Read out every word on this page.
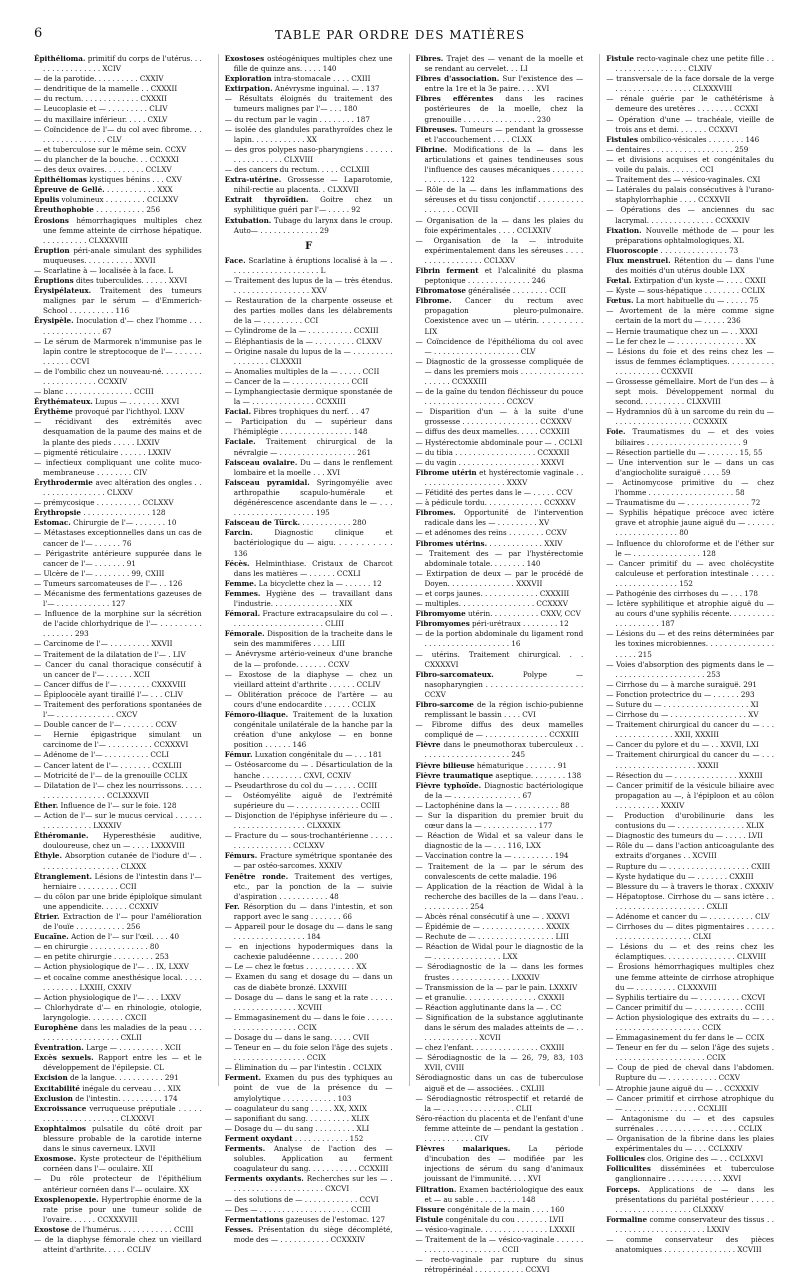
6	TABLE PAR ORDRE DES MATIÈRES

Épithélioma. primitif du corps de l'utérus. . . . . . . . . . . . . . . . XCIV

— de la parotide. . . . . . . . . . CXXIV

— dendritique de la mamelle . . CXXXII

— du rectum. . . . . . . . . . . . . CXXXII

— Leucoplasie et — . . . . . . . . . CLIV

— du maxillaire inférieur. . . . . CXLV

— Coïncidence de l'— du col avec fibrome. . . . . . . . . . . . . . . . . CLV

— et tuberculose sur le même sein. CCXV

— du plancher de la bouche. . . CCXXXI

— des deux ovaires. . . . . . . . . CCLXV

Épithéliomas kystiques bénins . . . CXV

Épreuve de Gellé. . . . . . . . . . . . XXX

Epulis volumineux . . . . . . . . . CCLXXV

Éreuthophobie . . . . . . . . . . . 256

Érosions hémorrhagiques multiples chez une femme atteinte de cirrhose hépatique. . . . . . . . . . . CLXXXVIII

Éruption péri-anale simulant des syphilides muqueuses. . . . . . . . . . . XXVII

— Scarlatine à — localisée à la face. L

Éruptions dites tuberculides. . . . . . XXVI

Érysipélateux. Traitement des tumeurs malignes par le sérum — d'Emmerich-School . . . . . . . . . . 116

Érysipèle. Inoculation d'— chez l'homme . . . . . . . . . . . . . . . . 67

— Le sérum de Marmorek n'immunise pas le lapin contre le streptocoque de l'— . . . . . . . . . . . . CCVI

— de l'ombilic chez un nouveau-né. . . . . . . . . . . . . . . . . . . . . CCXXIV

— blanc . . . . . . . . . . . . . . . CCIII

Érythémateux. Lupus — . . . . . . . XXVI

Érythème provoqué par l'ichthyol. LXXV

— récidivant des extrémités avec desquamation de la paume des mains et de la plante des pieds . . . . . LXXIV

— pigmenté réticulaire . . . . . . LXXIV

— infectieux compliquant une colite muco-membraneuse . . . . . . . . CIV

Érythrodermie avec altération des ongles . . . . . . . . . . . . . . . . CLXXV

— prémycosique . . . . . . . . . . CCLXXV

Érythropsie . . . . . . . . . . . . . . . 128

Estomac. Chirurgie de l'— . . . . . . . 10

— Métastases exceptionnelles dans un cas de cancer de l'— . . . . . . 76

— Périgastrite antérieure suppurée dans le cancer de l'— . . . . . . . 91

— Ulcère de l'— . . . . . . . . 99, CXIII

— Tumeurs sarcomateuses de l'— . . 126

— Mécanisme des fermentations gazeuses de l'— . . . . . . . . . . . . 127

— Influence de la morphine sur la sécrétion de l'acide chlorhydrique de l'— . . . . . . . . . . . . . . . . 293

— Carcinome de l'— . . . . . . . . . XXVII

— Traitement de la dilatation de l'— . LIV

— Cancer du canal thoracique consécutif à un cancer de l'— . . . . . . XCII

— Cancer diffus de l'— . . . . . . . CXXXVIII

— Épiploocèle ayant tiraillé l'— . . . CLIV

— Traitement des perforations spontanées de l'— . . . . . . . . . . . . . CXCV

— Double cancer de l'— . . . . . . . CCXV

— Hernie épigastrique simulant un carcinome de l'— . . . . . . . . . . CCXXXVI

— Adénome de l'— . . . . . . . . . . CCLI

— Cancer latent de l'— . . . . . . . CCXLIII

— Motricité de l'— de la grenouille CCLIX

— Dilatation de l'— chez les nourrissons. . . . . . . . . . . . . . . . . . . CCLXXXVII

Éther. Influence de l'— sur le foie. 128

— Action de l'— sur le mucus cervical . . . . . . . . . . . . . . . . . LXXXIV

Éthéromanie. Hyperesthésie auditive, douloureuse, chez un — . . . . LXXXVIII

Éthyle. Absorption cutanée de l'iodure d'— . . . . . . . . . . . . . . . . . . CLXXX

Étranglement. Lésions de l'intestin dans l'— herniaire . . . . . . . . . CCII

— du côlon par une bride épiploïque simulant une appendicite. . . . . . CCXXIV

Étrier. Extraction de l'— pour l'amélioration de l'ouïe . . . . . . . . . . . 256

Eucaïne. Action de l'— sur l'œil. . . . 40

— en chirurgie . . . . . . . . . . . . . 80

— en petite chirurgie . . . . . . . . . 253

— Action physiologique de l'— . . IX, LXXV

— et cocaïne comme anesthésique local. . . . . . . . . . . . . LXXIII, CXXIV

— Action physiologique de l'— . . . LXXV

— Chlorhydrate d'— en rhinologie, otologie, laryngologie. . . . . . . . CXCII

Europhène dans les maladies de la peau . . . . . . . . . . . . . . . . . . . . CXLII

Éventration. Large — . . . . . . . . . . XCII

Excès sexuels. Rapport entre les — et le développement de l'épilepsie. CL

Excision de la langue. . . . . . . . . . . 291

Excitabilité inégale du cerveau . . . XIX

Exclusion de l'intestin. . . . . . . . . . 174

Excroissance verruqueuse préputiale . . . . . . . . . . . . . . . . . . . . . . CLXXXVI

Exophtalmos pulsatile du côté droit par blessure probable de la carotide interne dans le sinus caverneux. LXVII

Exosmose. Kyste protecteur de l'épithélium cornéen dans l'— oculaire. XII

— Du rôle protecteur de l'épithélium antérieur cornéen dans l'— oculaire. XX

Exosplenopexie. Hypertrophie énorme de la rate prise pour une tumeur solide de l'ovaire. . . . . . CCXXXVIII

Exostose de l'humérus. . . . . . . . . . . . CCIII

— de la diaphyse fémorale chez un vieillard atteint d'arthrite. . . . . CCLIV

Exostoses ostéogéniques multiples chez une fille de quinze ans. . . . . 140

Exploration intra-stomacale . . . . CXIII

Extirpation. Anévrysme inguinal. — . 137

— Résultats éloignés du traitement des tumeurs malignes par l'— . . . 180

— du rectum par le vagin . . . . . . . . 187

— isolée des glandules parathyroïdes chez le lapin. . . . . . . . . . . . XX

— des gros polypes naso-pharyngiens . . . . . . . . . . . . . . . . . CLXVIII

— des cancers du rectum. . . . . CCLXIII

Extra-utérine. Grossesse — Laparotomie, nihil-rectie au placenta. . CLXXVII

Extrait thyroïdien. Goitre chez un syphilitique guéri par l'— . . . . . 92

Extubation. Tubage du larynx dans le croup. Auto— . . . . . . . . . . . . . 29

F

Face. Scarlatine à éruptions localisé à la — . . . . . . . . . . . . . . . . . . . . L

— Traitement des lupus de la — très étendus. . . . . . . . . . . . . . . . . . XXV

— Restauration de la charpente osseuse et des parties molles dans les délabrements de la — . . . . . . . . . CCI

— Cylindrome de la — . . . . . . . . . . CCXIII

— Éléphantiasis de la — . . . . . . . . . CLXXV

— Origine nasale du lupus de la — . . . . . . . . . . . . . . . . . CLXXXII

— Anomalies multiples de la — . . . . . CCII

— Cancer de la — . . . . . . . . . . . . . CCII

— Lymphangiectasie dermique sponstanée de la — . . . . . . . . . . . . . . CCXXIII

Facial. Fibres trophiques du nerf. . . 47

— Participation du — supérieur dans l'hémiplégie . . . . . . . . . . . . . . . . 148

Faciale. Traitement chirurgical de la névralgie — . . . . . . . . . . . . . . . . . 261

Faisceau ovalaire. Du — dans le renflement lombaire et la moelle . . . XVI

Faisceau pyramidal. Syringomyélie avec arthropathie scapulo-humérale et dégénérescence ascendante dans le — . . . . . . . . . . . . . . . . . . . . . 195

Faisceau de Türck. . . . . . . . . . . . 280

Farcin.	Diagnostic clinique et bactériologique du — aigu. . . . . . . . . . . 136

Fécès. Helminthiase. Cristaux de Charcot dans les matières — . . . . . . CCXLI

Femme. La bicyclette chez la — . . . . . . 12

Femmes. Hygiène des — travaillant dans l'industrie. . . . . . . . . . . . . . . XIX

Fémoral. Fracture extracapsulaire du col — . . . . . . . . . . . . . . . . . . . . . CLIII

Fémorale. Disposition de la tracheite dans le sein des mammifères . . . . LIII

— Anévrysme artério-veineux d'une branche de la — profonde. . . . . . . CCXV

— Exostose de la diaphyse — chez un vieillard atteint d'arthrite . . . . . . CCLIV

— Oblitération précoce de l'artère — au cours d'une endocardite . . . . . . CCLIX

Fémoro-iliaque. Traitement de la luxation congénitale unilatérale de la hanche par la création d'une ankylose — en bonne position . . . . . . 146

Fémur. Luxation congénitale du — . . . 181

— Ostéosarcome du — . Désarticulation de la hanche . . . . . . . . . CXVI, CCXIV

— Pseudarthrose du col du — . . . . . CCIII

— Ostéomyélite aiguë de l'extrémité supérieure du — . . . . . . . . . . . . . . CCIII

— Disjonction de l'épiphyse inférieure du — . . . . . . . . . . . . . . . . . CLXXXIX

— Fracture du — sous-trochantérienne . . . . . . . . . . . . . . . . . . CCLXXV

Fémurs. Fracture symétrique spontanée des — par ostéo-sarcomes. XXXIV

Fenêtre ronde. Traitement des vertiges, etc., par la ponction de la — suivie d'aspiration . . . . . . . . . . . 48

Fer. Résorption du — dans l'intestin, et son rapport avec le sang . . . . . . . 66

— Appareil pour le dosage du — dans le sang . . . . . . . . . . . . . . . . 184

— en injections hypodermiques dans la cachexie paludéenne . . . . . . . 200

— Le — chez le fœtus . . . . . . . . . . . XX

— Examen du sang et dosage du — dans un cas de diabète bronzé. LXXVIII

— Dosage du — dans le sang et la rate . . . . . . . . . . . . . . . . . . . XCVIII

— Emmagasinement du — dans le foie . . . . . . . . . . . . . . . . . . . . CCIX

— Dosage du — dans le sang. . . . . CVII

— Teneur en — du foie selon l'âge des sujets . . . . . . . . . . . . . . . . . CCIX

— Élimination du — par l'intestin . CCLXIX

Ferment. Examen du pus des typhiques au point de vue de la présence du — amylolytique . . . . . . . . . . . . 103

— coagulateur du sang . . . . . XX, XXIX

— saponifiant du sang. . . . . . . . . . XLIX

— Dosage du — du sang . . . . . . . . . XLI

Ferment oxydant . . . . . . . . . . . . 152

Ferments. Analyse de l'action des — solubles. Application au ferment coagulateur du sang. . . . . . . . . . . CCXXIII

Ferments oxydants. Recherches sur les — . . . . . . . . . . . . . . . . . . . . . CXCVI

— des solutions de — . . . . . . . . . . . . CCVI

— Des — . . . . . . . . . . . . . . . . . . . . CCIII

Fermentations gazeuses de l'estomac. 127

Fesses. Présentation du siège décomplété, mode des — . . . . . . . . . . . CCXXXIV

Fibres. Trajet des — venant de la moelle et se rendant au cervelet. . . LI

Fibres d'association. Sur l'existence des — entre la 1re et la 3e paire. . . . XVI

Fibres efférentes dans les racines postérieures de la moelle, chez la grenouille . . . . . . . . . . . . . . . . 230

Fibreuses. Tumeurs — pendant la grossesse et l'accouchement . . . . CLXX

Fibrine. Modifications de la — dans les articulations et gaines tendineuses sous l'influence des causes mécaniques . . . . . . . . . . . . . . . 122

— Rôle de la — dans les inflammations des séreuses et du tissu conjonctif . . . . . . . . . . . . . . . . . CCVII

— Organisation de la — dans les plaies du foie expérimentales . . . . CCLXXIV

— Organisation de la — introduite expérimentalement dans les séreuses . . . . . . . . . . . . . . . . . CCLXXV

Fibrin ferment et l'alcalinité du plasma peptonique . . . . . . . . . . . . . . 246

Fibromatose généralisée . . . . . . . . CCII

Fibrome. Cancer du rectum avec propagation pleuro-pulmonaire. Coexistence avec un — utérin. . . . . . . . . LIX

— Coïncidence de l'épithélioma du col avec — . . . . . . . . . . . . . . . . . . . CLV

— Diagnostic de la grossesse compliquée de — dans les premiers mois . . . . . . . . . . . . . . . . . . . . CCXXXIII

— de la gaîne du tendon fléchisseur du pouce . . . . . . . . . . . . . . . . . . CCXCV

— Disparition d'un — à la suite d'une grossesse . . . . . . . . . . . . . . . . . CCXXXV

— diffus des deux mamelles. . . . . CCXXIII

— Hystérectomie abdominale pour — . CCLXI

— du tibia . . . . . . . . . . . . . . . . . . CCXXXII

— du vagin . . . . . . . . . . . . . . . . . . XXXVI

Fibrome utérin et hystérectomie vaginale . . . . . . . . . . . . . . . . . . . . XXXV

— Fétidité des pertes dans le — . . . . . CCV

— à pédicule tordu. . . . . . . . . . . . . CCXXXV

Fibromes. Opportunité de l'intervention radicale dans les — . . . . . . . . . XV

— et adénomes des reins . . . . . . . . CCXV

Fibromes utérins. . . . . . . . . . . . . XXIV

— Traitement des — par l'hystérectomie abdominale totale. . . . . . . . 140

— Extirpation de deux — par le procédé de Doyen. . . . . . . . . . . . . . . XXXVII

— et corps jaunes. . . . . . . . . . . . . CXXXIII

— multiples. . . . . . . . . . . . . . . . . CCXXXV

Fibromyome utérin. . . . . . . . . . . CXXV, CCV

Fibromyomes péri-urétraux . . . . . . . . 12

— de la portion abdominale du ligament rond . . . . . . . . . . . . . . . . . . . 16

— utérins. Traitement chirurgical. . . CXXXXVI

Fibro-sarcomateux.	Polype — nasopharyngien . . . . . . . . . . . . . . . . . . . . CCXV

Fibro-sarcome de la région ischio-pubienne remplissant le bassin . . . . CVI

— Fibrome diffus des deux mamelles compliqué de — . . . . . . . . . . . . . . CCXXIII

Fièvre dans le pneumothorax tuberculeux . . . . . . . . . . . . . . . . . . . . . 245

Fièvre bilieuse hématurique . . . . . . . 91

Fièvre traumatique aseptique. . . . . . . . 138

Fièvre typhoïde. Diagnostic bactériologique de la — . . . . . . . . . . . . . . . 67

— Lactophénine dans la — . . . . . . . . . . 88

— Sur la disparition du premier bruit du cœur dans la — . . . . . . . . . . . . 177

— Réaction de Widal et sa valeur dans le diagnostic de la — . . . 116, LXX

— Vaccination contre la — . . . . . . . . . 194

— Traitement de la — par le sérum des convalescents de cette maladie. 196

— Application de la réaction de Widal à la recherche des bacilles de la — dans l'eau. . . . . . . . . . . . 254

— Abcès rénal consécutif à une — . XXXVI

— Épidémie de — . . . . . . . . . . . . . . XXXIX

— Rechute de — . . . . . . . . . . . . . . . . . LIII

— Réaction de Widal pour le diagnostic de la — . . . . . . . . . . . . . . . LXX

— Sérodiagnostic de la — dans les formes frustes . . . . . . . . . . . . . LXXXIV

— Transmission de la — par le pain. LXXXIV

— et granulie. . . . . . . . . . . . . . . . CXXXII

— Réaction agglutinante dans la — . CC

— Signification de la substance agglutinante dans le sérum des malades atteints de — . . . . . . . . . . . . . . XCVII

— chez l'enfant. . . . . . . . . . . . . . . CXXIII

— Sérodiagnostic de la — 26, 79, 83, 103 XVII, CVIII

Sérodiagnostic dans un cas de tuberculose aiguë et de — associées. . CXLIII

— Sérodiagnostic rétrospectif et retardé de la — . . . . . . . . . . . . . . . . CLII

Séro-réaction du placenta et de l'enfant d'une femme atteinte de — pendant la gestation . . . . . . . . . . . . CIV

Fièvres malariques.	La période d'incubation des — modifiée par les injections de sérum du sang d'animaux jouissant de l'immunité. . . . XVI

Filtration. Examen bactériologique des eaux et — au sable . . . . . . . . . . 148

Fissure congénitale de la main . . . . 160

Fistule congénitale du cou . . . . . . . LVII

— vésico-vaginale. . . . . . . . . . . . . . . LXXXII

— Traitement de la — vésico-vaginale . . . . . . . . . . . . . . . . . . . . . . . CCII

— recto-vaginale par rupture du sinus rétropérinéal . . . . . . . . . . . CCXVI

Fistule recto-vaginale chez une petite fille . . . . . . . . . . . . . . . . . . CLXIV

— transversale de la face dorsale de la verge . . . . . . . . . . . . . . . . . CLXXXVIII

— rénale guérie par le cathétérisme à demeure des uretères . . . . . . . . CCXXI

— Opération d'une — trachéale, vieille de trois ans et demi. . . . . . . CCXXVI

Fistules ombilico-vésicales . . . . . . . . 146

— dentaires . . . . . . . . . . . . . . . . . . 259

— et divisions acquises et congénitales du voile du palais. . . . . . . CCI

— Traitement des — vésico-vaginales. CXI

— Latérales du palais consécutives à l'urano-staphylorrhaphie . . . . CCXXVII

— Opérations des — anciennes du sac lacrymal. . . . . . . . . . . . . . . CCXXXIV

Fixation. Nouvelle méthode de — pour les préparations ophtalmologiques. XL

Fluoroscopie . . . . . . . . . . . . . . . 73

Flux menstruel. Rétention du — dans l'une des moitiés d'un utérus double LXX

Fœtal. Extirpation d'un kyste — . . . . CXXII

— Kyste — sous-hépatique . . . . . . . . CCLIX

Fœtus. La mort habituelle du — . . . . . 75

— Avortement de la mère comme signe certain de la mort du — . . . . . 236

— Hernie traumatique chez un — . . XXXI

— Le fer chez le — . . . . . . . . . . . . . . . XX

— Lésions du foie et des reins chez les — issus de femmes éclamptiques. . . . . . . . . . . . . . . . . . . . CCXXVII

— Grossesse gémellaire. Mort de l'un des — à sept mois. Développement normal du second. . . . . . . . . . CLXXVIII

— Hydramnios dû à un sarcome du rein du — . . . . . . . . . . . . . . . . . CCXXXIX

Foie. Traumatismes du — et des voies biliaires . . . . . . . . . . . . . . . . . . . . . 9

— Résection partielle du — . . . . . . . 15, 55

— Une intervention sur le — dans un cas d'angiocholite suraiguë . . . . 59

— Actinomycose primitive du — chez l'homme . . . . . . . . . . . . . . . . . . . 58

— Traumatisme du — . . . . . . . . . . . . . . 72

— Syphilis hépatique précoce avec ictère grave et atrophie jaune aiguë du — . . . . . . . . . . . . . . . . . . . . 80

— Influence du chloroforme et de l'éther sur le — . . . . . . . . . . . . . . . 128

— Cancer primitif du — avec cholécystite calculeuse et perforation intestinale . . . . . . . . . . . . . . . . . . . 152

— Pathogénie des cirrhoses du — . . . 178

— Ictère syphilitique et atrophie aiguë du — au cours d'une syphilis récente. . . . . . . . . . . . . . . . . . . . 187

— Lésions du — et des reins déterminées par les toxines microbiennes. . . . . . . . . . . . . . . . . . . . 215

— Voies d'absorption des pigments dans le — . . . . . . . . . . . . . . . . . . . . 253

— Cirrhose du — à marche suraiguë. 291

— Fonction protectrice du — . . . . . . 293

— Suture du — . . . . . . . . . . . . . . . . . . . XI

— Cirrhose du — . . . . . . . . . . . . . . . . . XV

— Traitement chirurgical du cancer du — . . . . . . . . . . . . . . . . XXII, XXXIII

— Cancer du pylore et du — . . XXVII, LXI

— Traitement chirurgical du cancer du — . . . . . . . . . . . . . . . . . . . . . XXXII

— Résection du — . . . . . . . . . . . . . . XXXIII

— Cancer primitif de la vésicule biliaire avec propagation au —, à l'épiploon et au côlon . . . . . . . . . . XXXIV

— Production d'urobilinurie dans les contusions du — . . . . . . . . . . . . . . . XLIX

— Diagnostic des tumeurs du — . . . . . LVII

— Rôle du — dans l'action anticoagulante des extraits d'organes . . XCVIII

— Rupture du — . . . . . . . . . . . . . . . . . . CXIII

— Kyste hydatique du — . . . . . . . CXXIII

— Blessure du — à travers le thorax . CXXXIV

— Hépatoptose. Cirrhose du — sans ictère . . . . . . . . . . . . . . . . . . . . . . CXLII

— Adénome et cancer du — . . . . . . . . . . CLV

— Cirrhoses du — dites pigmentaires . . . . . . . . . . . . . . . . . . . . . . . CLXI

— Lésions du — et des reins chez les éclamptiques. . . . . . . . . . . . . . . . CLXVIII

— Érosions hémorrhagiques multiples chez une femme atteinte de cirrhose atrophique du — . . . . . . . . . CLXXXVIII

— Syphilis tertiaire du — . . . . . . . . . CXCVI

— Cancer primitif du — . . . . . . . . . . . CCIII

— Action physiologique des extraits du — . . . . . . . . . . . . . . . . . . . . . . CCIX

— Emmagasinement du fer dans le — CCIX

— Teneur en fer du — selon l'âge des sujets . . . . . . . . . . . . . . . . . . . . . CCIX

— Coup de pied de cheval dans l'abdomen. Rupture du — . . . . . . . . . . . CCXV

— Atrophie jaune aiguë du — . . CCXXXIV

— Cancer primitif et cirrhose atrophique du — . . . . . . . . . . . . . . . . CCXLIII

— Antagonisme du — et des capsules surrénales . . . . . . . . . . . . . . . . . . CCLIX

— Organisation de la fibrine dans les plaies expérimentales du — . . . CCLXXIV

Follicules clos. Origine des — . . CCLXXVI

Folliculites disséminées et tuberculose ganglionnaire . . . . . . . . . . . . XXVI

Forceps. Applications de — dans les présentations du pariétal postérieur . . . . . . . . . . . . . . . . . . . . . . CLXXXV

Formaline comme conservateur des tissus . . . . . . . . . . . . . . . . . . . . . . LXXIV

— comme conservateur des pièces anatomiques . . . . . . . . . . . . . . . . XCVIII
